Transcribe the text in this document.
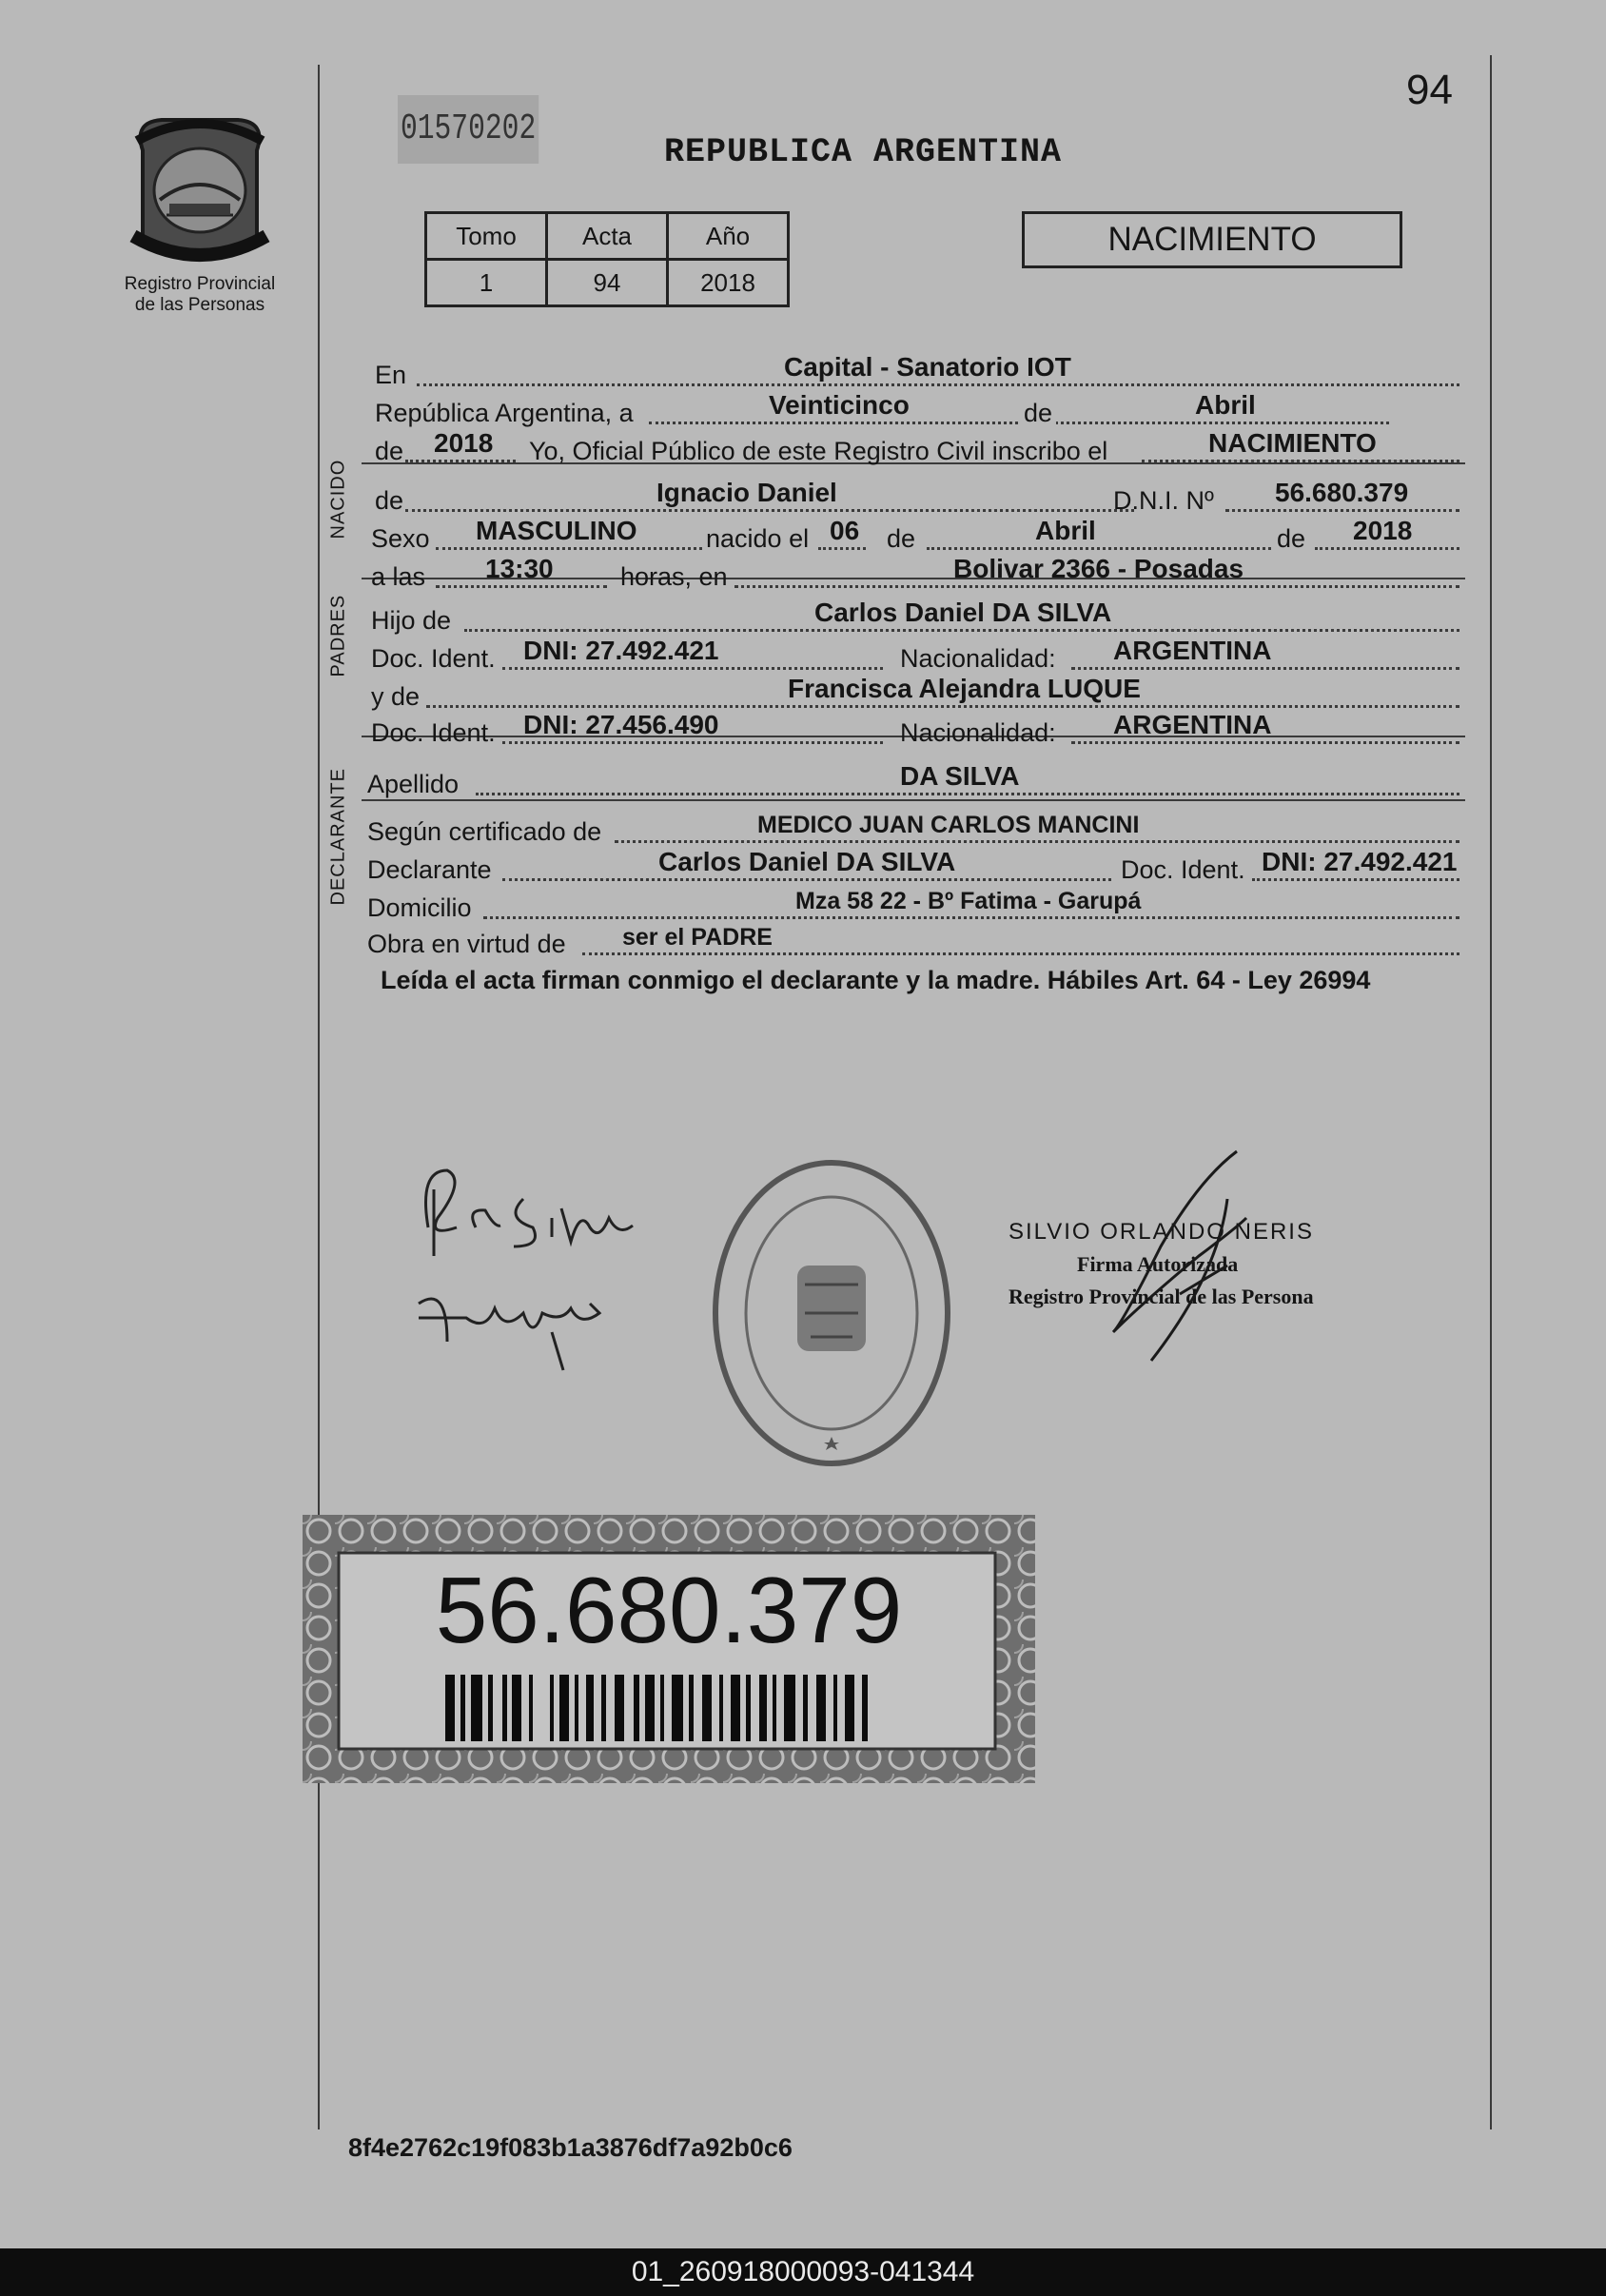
94
01570202
REPUBLICA ARGENTINA
Registro Provincial
de las Personas
Tomo	Acta	Año
1	94	2018
NACIMIENTO
NACIDO
PADRES
DECLARANTE
En	Capital - Sanatorio IOT
República Argentina, a	Veinticinco	de	Abril
de 2018 Yo, Oficial Público de este Registro Civil inscribo el	NACIMIENTO
de	Ignacio Daniel	D.N.I. Nº 56.680.379
Sexo MASCULINO	nacido el 06 de	Abril	de 2018
a las 13:30	horas, en	Bolivar 2366 - Posadas
Hijo de	Carlos Daniel DA SILVA
Doc. Ident. DNI: 27.492.421	Nacionalidad: ARGENTINA
y de	Francisca Alejandra LUQUE
Doc. Ident. DNI: 27.456.490	Nacionalidad: ARGENTINA
Apellido	DA SILVA
Según certificado de	MEDICO JUAN CARLOS MANCINI
Declarante	Carlos Daniel DA SILVA	Doc. Ident. DNI: 27.492.421
Domicilio	Mza 58 22 - Bº Fatima - Garupá
Obra en virtud de ser el PADRE
Leída el acta firman conmigo el declarante y la madre. Hábiles Art. 64 - Ley 26994
SILVIO ORLANDO NERIS
Firma Autorizada
Registro Provincial de las Persona
56.680.379
8f4e2762c19f083b1a3876df7a92b0c6
01_260918000093-041344
